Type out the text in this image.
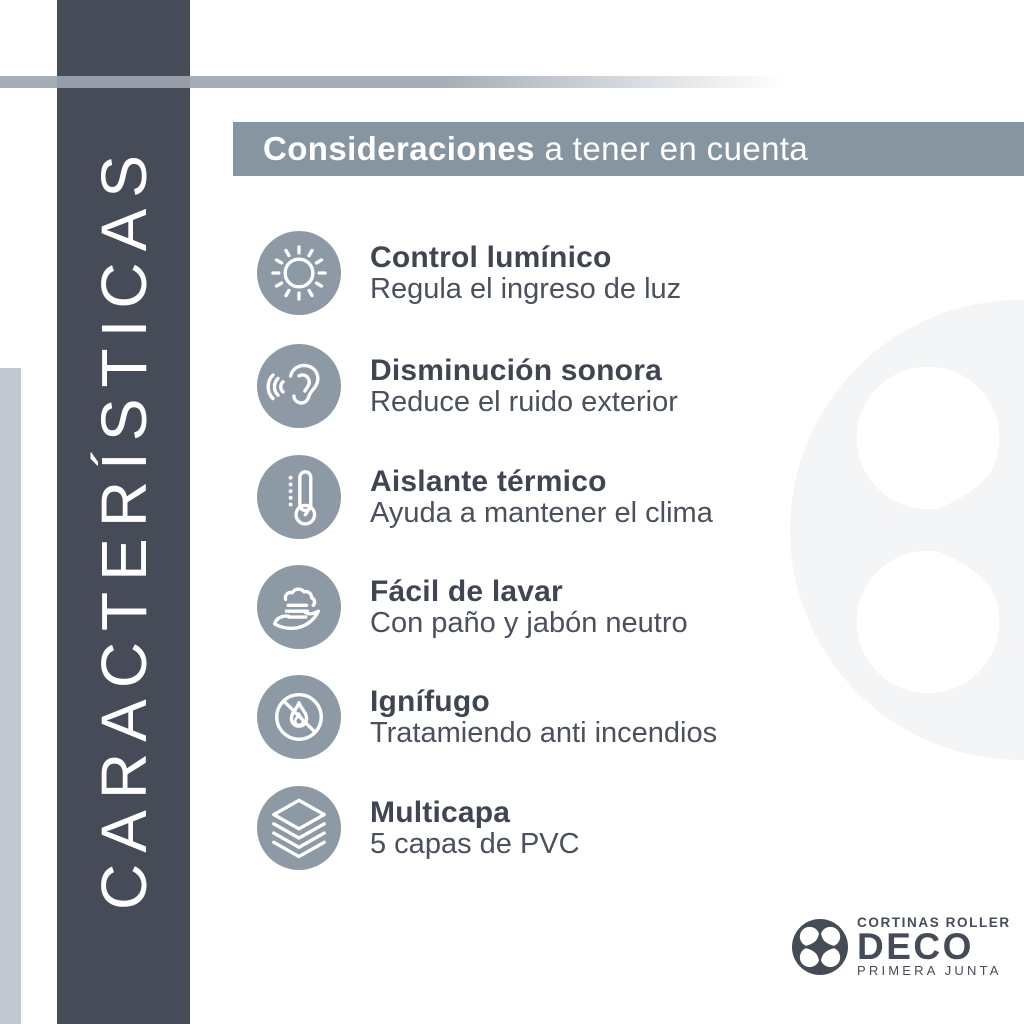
CARACTERÍSTICAS	Consideraciones a tener en cuenta
Control lumínico
Regula el ingreso de luz
Disminución sonora
Reduce el ruido exterior
Aislante térmico
Ayuda a mantener el clima
Fácil de lavar
Con paño y jabón neutro
Ignífugo
Tratamiendo anti incendios
Multicapa
5 capas de PVC
CORTINAS ROLLER
DECO
PRIMERA JUNTA
